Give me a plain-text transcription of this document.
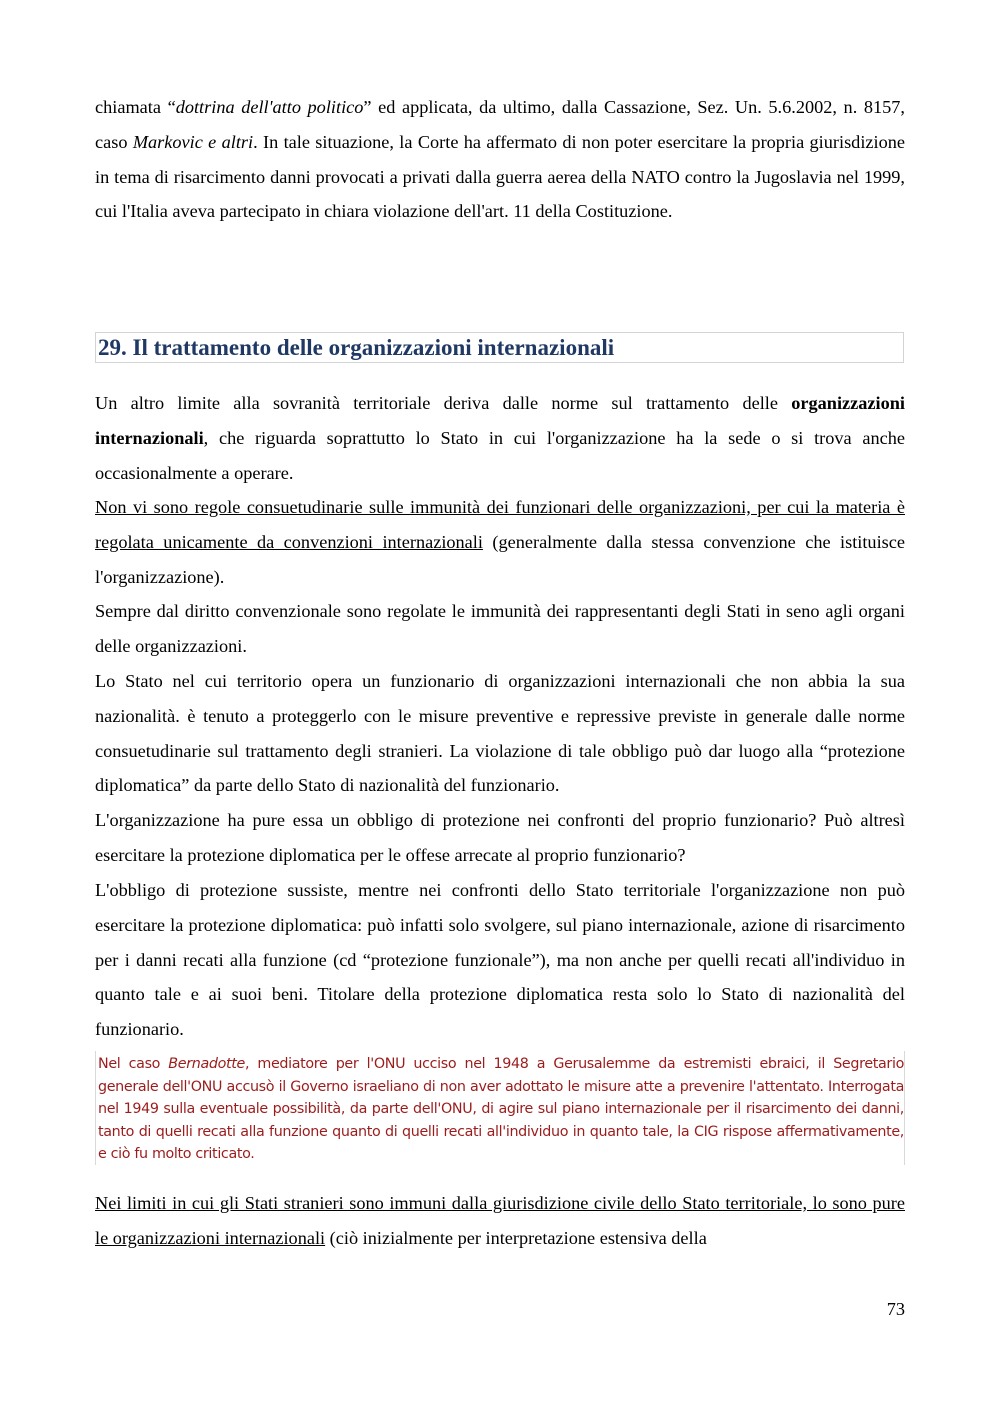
chiamata “dottrina dell'atto politico” ed applicata, da ultimo, dalla Cassazione, Sez. Un. 5.6.2002, n. 8157, caso Markovic e altri. In tale situazione, la Corte ha affermato di non poter esercitare la propria giurisdizione in tema di risarcimento danni provocati a privati dalla guerra aerea della NATO contro la Jugoslavia nel 1999, cui l'Italia aveva partecipato in chiara violazione dell'art. 11 della Costituzione.

29. Il trattamento delle organizzazioni internazionali

Un altro limite alla sovranità territoriale deriva dalle norme sul trattamento delle organizzazioni internazionali, che riguarda soprattutto lo Stato in cui l'organizzazione ha la sede o si trova anche occasionalmente a operare.

Non vi sono regole consuetudinarie sulle immunità dei funzionari delle organizzazioni, per cui la materia è regolata unicamente da convenzioni internazionali (generalmente dalla stessa convenzione che istituisce l'organizzazione).

Sempre dal diritto convenzionale sono regolate le immunità dei rappresentanti degli Stati in seno agli organi delle organizzazioni.

Lo Stato nel cui territorio opera un funzionario di organizzazioni internazionali che non abbia la sua nazionalità. è tenuto a proteggerlo con le misure preventive e repressive previste in generale dalle norme consuetudinarie sul trattamento degli stranieri. La violazione di tale obbligo può dar luogo alla “protezione diplomatica” da parte dello Stato di nazionalità del funzionario.

L'organizzazione ha pure essa un obbligo di protezione nei confronti del proprio funzionario? Può altresì esercitare la protezione diplomatica per le offese arrecate al proprio funzionario?

L'obbligo di protezione sussiste, mentre nei confronti dello Stato territoriale l'organizzazione non può esercitare la protezione diplomatica: può infatti solo svolgere, sul piano internazionale, azione di risarcimento per i danni recati alla funzione (cd “protezione funzionale”), ma non anche per quelli recati all'individuo in quanto tale e ai suoi beni. Titolare della protezione diplomatica resta solo lo Stato di nazionalità del funzionario.

Nel caso Bernadotte, mediatore per l'ONU ucciso nel 1948 a Gerusalemme da estremisti ebraici, il Segretario generale dell'ONU accusò il Governo israeliano di non aver adottato le misure atte a prevenire l'attentato. Interrogata nel 1949 sulla eventuale possibilità, da parte dell'ONU, di agire sul piano internazionale per il risarcimento dei danni, tanto di quelli recati alla funzione quanto di quelli recati all'individuo in quanto tale, la CIG rispose affermativamente, e ciò fu molto criticato.

Nei limiti in cui gli Stati stranieri sono immuni dalla giurisdizione civile dello Stato territoriale, lo sono pure le organizzazioni internazionali (ciò inizialmente per interpretazione estensiva della

73
